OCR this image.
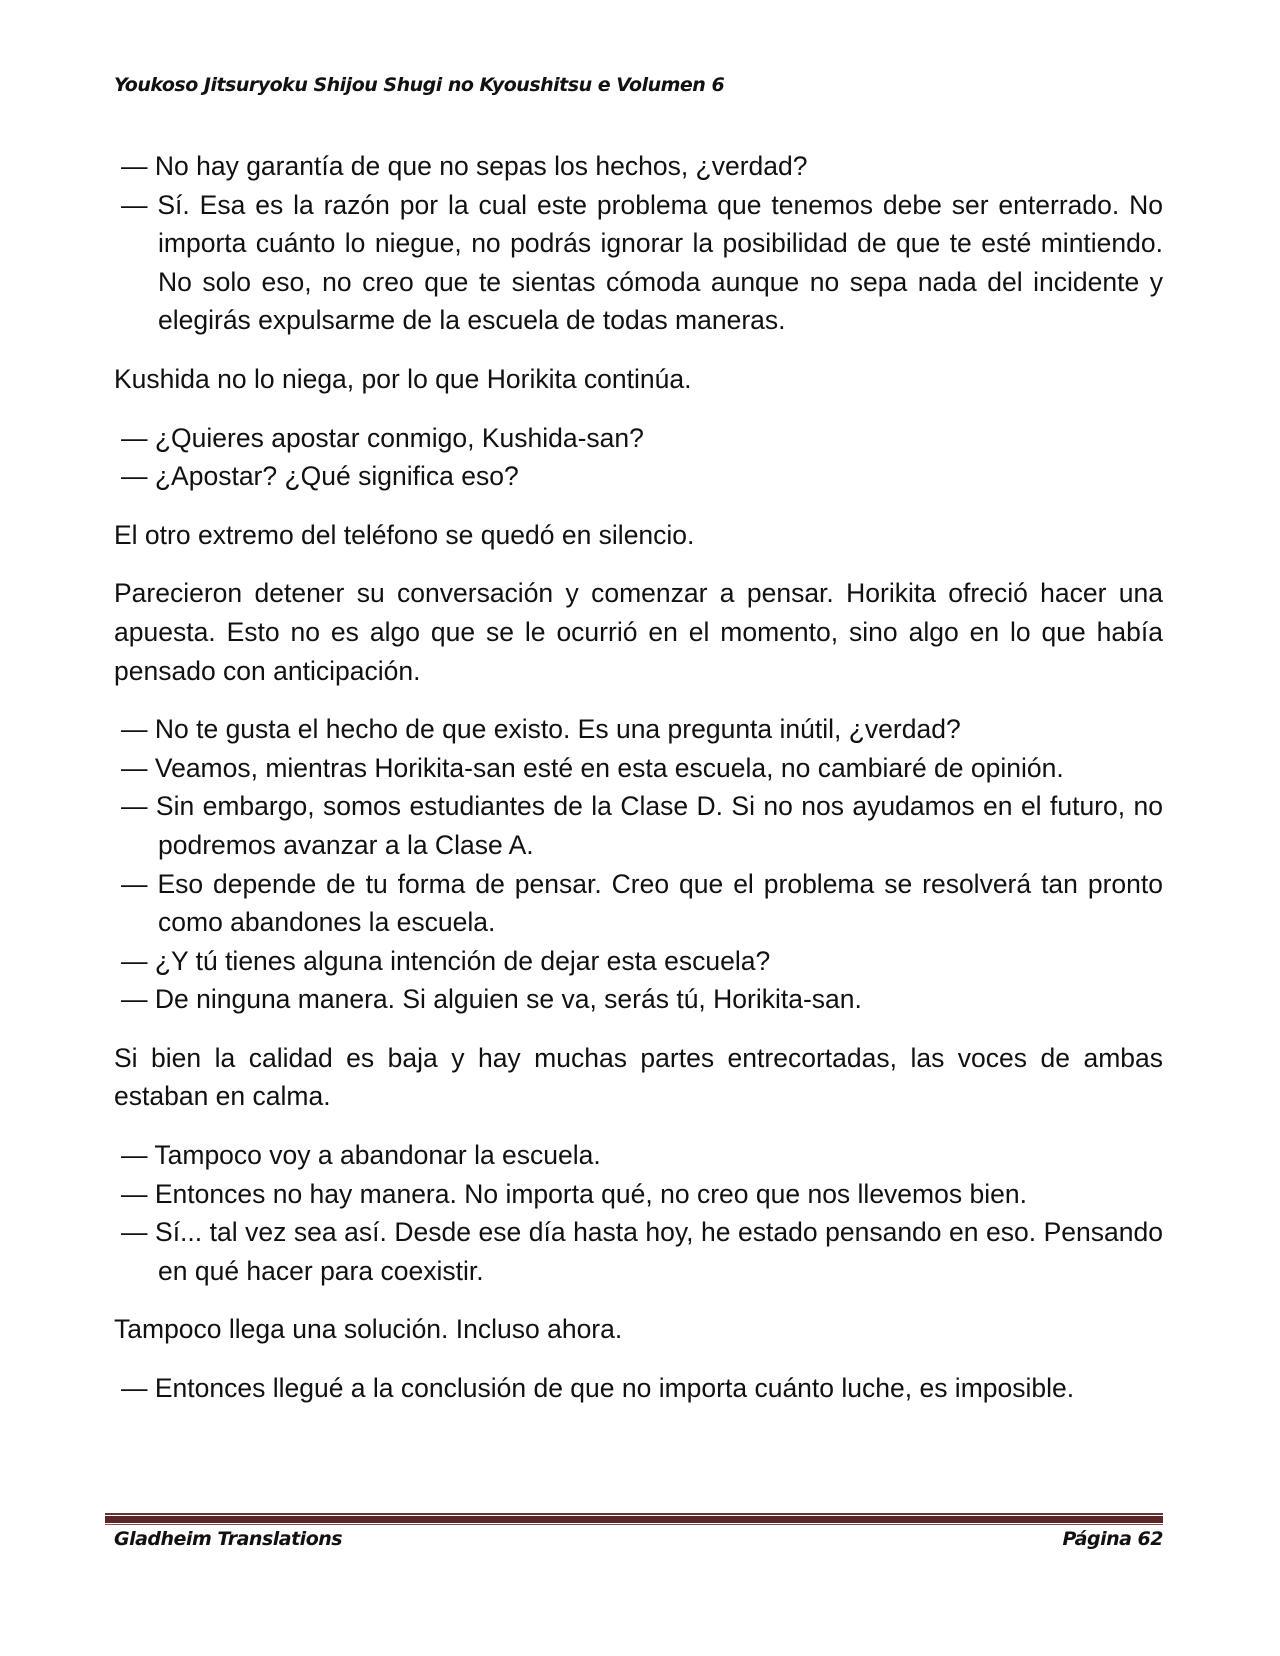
Youkoso Jitsuryoku Shijou Shugi no Kyoushitsu e Volumen 6

— No hay garantía de que no sepas los hechos, ¿verdad?

— Sí. Esa es la razón por la cual este problema que tenemos debe ser enterrado. No importa cuánto lo niegue, no podrás ignorar la posibilidad de que te esté mintiendo. No solo eso, no creo que te sientas cómoda aunque no sepa nada del incidente y elegirás expulsarme de la escuela de todas maneras.

Kushida no lo niega, por lo que Horikita continúa.

— ¿Quieres apostar conmigo, Kushida-san?

— ¿Apostar? ¿Qué significa eso?

El otro extremo del teléfono se quedó en silencio.

Parecieron detener su conversación y comenzar a pensar. Horikita ofreció hacer una apuesta. Esto no es algo que se le ocurrió en el momento, sino algo en lo que había pensado con anticipación.

— No te gusta el hecho de que existo. Es una pregunta inútil, ¿verdad?

— Veamos, mientras Horikita-san esté en esta escuela, no cambiaré de opinión.

— Sin embargo, somos estudiantes de la Clase D. Si no nos ayudamos en el futuro, no podremos avanzar a la Clase A.

— Eso depende de tu forma de pensar. Creo que el problema se resolverá tan pronto como abandones la escuela.

— ¿Y tú tienes alguna intención de dejar esta escuela?

— De ninguna manera. Si alguien se va, serás tú, Horikita-san.

Si bien la calidad es baja y hay muchas partes entrecortadas, las voces de ambas estaban en calma.

— Tampoco voy a abandonar la escuela.

— Entonces no hay manera. No importa qué, no creo que nos llevemos bien.

— Sí... tal vez sea así. Desde ese día hasta hoy, he estado pensando en eso. Pensando en qué hacer para coexistir.

Tampoco llega una solución. Incluso ahora.

— Entonces llegué a la conclusión de que no importa cuánto luche, es imposible.

Gladheim Translations	Página 62
